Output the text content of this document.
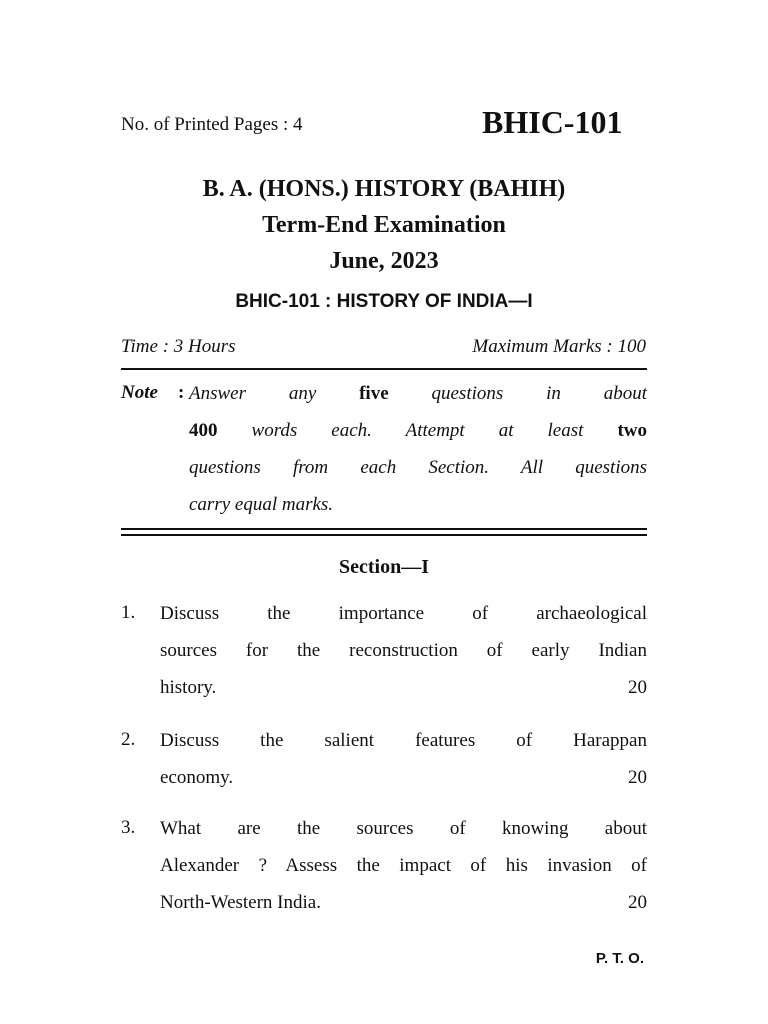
No. of Printed Pages : 4	BHIC-101
B. A. (HONS.) HISTORY (BAHIH)
Term-End Examination
June, 2023
BHIC-101 : HISTORY OF INDIA—I
Time : 3 Hours	Maximum Marks : 100
Note : Answer any five questions in about

400 words each. Attempt at least two

questions from each Section. All questions

carry equal marks.

Section—I
1. Discuss the importance of archaeological
sources for the reconstruction of early Indian
history.	20
2. Discuss the salient features of Harappan
economy.	20
3. What are the sources of knowing about
Alexander ? Assess the impact of his invasion of
North-Western India.	20
P. T. O.
